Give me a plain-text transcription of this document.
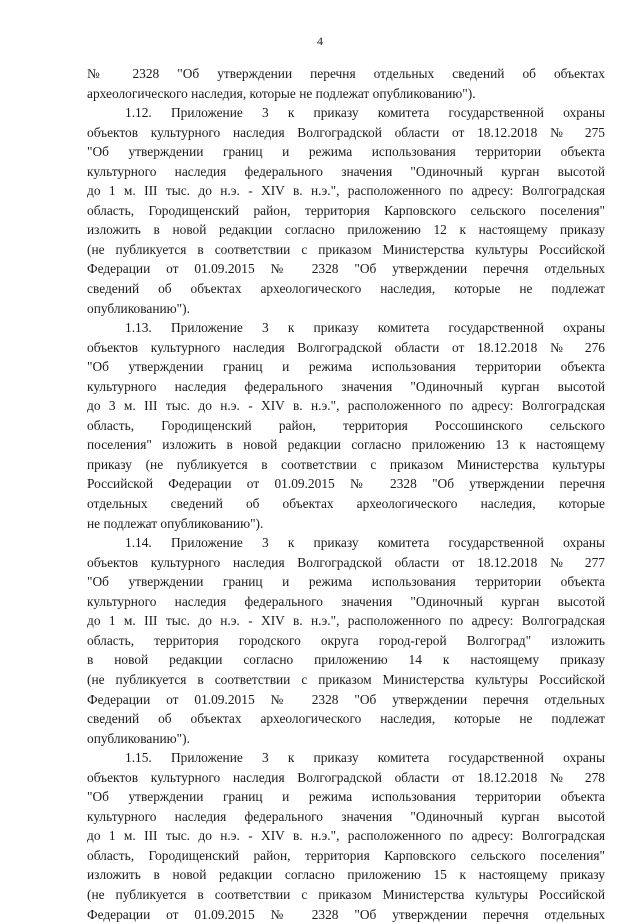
4
№ 2328 "Об утверждении перечня отдельных сведений об объектах
археологического наследия, которые не подлежат опубликованию").
1.12. Приложение 3 к приказу комитета государственной охраны
объектов культурного наследия Волгоградской области от 18.12.2018 № 275
"Об утверждении границ и режима использования территории объекта
культурного наследия федерального значения "Одиночный курган высотой
до 1 м. III тыс. до н.э. - XIV в. н.э.", расположенного по адресу: Волгоградская
область, Городищенский район, территория Карповского сельского поселения"
изложить в новой редакции согласно приложению 12 к настоящему приказу
(не публикуется в соответствии с приказом Министерства культуры Российской
Федерации от 01.09.2015 № 2328 "Об утверждении перечня отдельных
сведений об объектах археологического наследия, которые не подлежат
опубликованию").
1.13. Приложение 3 к приказу комитета государственной охраны
объектов культурного наследия Волгоградской области от 18.12.2018 № 276
"Об утверждении границ и режима использования территории объекта
культурного наследия федерального значения "Одиночный курган высотой
до 3 м. III тыс. до н.э. - XIV в. н.э.", расположенного по адресу: Волгоградская
область, Городищенский район, территория Россошинского сельского
поселения" изложить в новой редакции согласно приложению 13 к настоящему
приказу (не публикуется в соответствии с приказом Министерства культуры
Российской Федерации от 01.09.2015 № 2328 "Об утверждении перечня
отдельных сведений об объектах археологического наследия, которые
не подлежат опубликованию").
1.14. Приложение 3 к приказу комитета государственной охраны
объектов культурного наследия Волгоградской области от 18.12.2018 № 277
"Об утверждении границ и режима использования территории объекта
культурного наследия федерального значения "Одиночный курган высотой
до 1 м. III тыс. до н.э. - XIV в. н.э.", расположенного по адресу: Волгоградская
область, территория городского округа город-герой Волгоград" изложить
в новой редакции согласно приложению 14 к настоящему приказу
(не публикуется в соответствии с приказом Министерства культуры Российской
Федерации от 01.09.2015 № 2328 "Об утверждении перечня отдельных
сведений об объектах археологического наследия, которые не подлежат
опубликованию").
1.15. Приложение 3 к приказу комитета государственной охраны
объектов культурного наследия Волгоградской области от 18.12.2018 № 278
"Об утверждении границ и режима использования территории объекта
культурного наследия федерального значения "Одиночный курган высотой
до 1 м. III тыс. до н.э. - XIV в. н.э.", расположенного по адресу: Волгоградская
область, Городищенский район, территория Карповского сельского поселения"
изложить в новой редакции согласно приложению 15 к настоящему приказу
(не публикуется в соответствии с приказом Министерства культуры Российской
Федерации от 01.09.2015 № 2328 "Об утверждении перечня отдельных
